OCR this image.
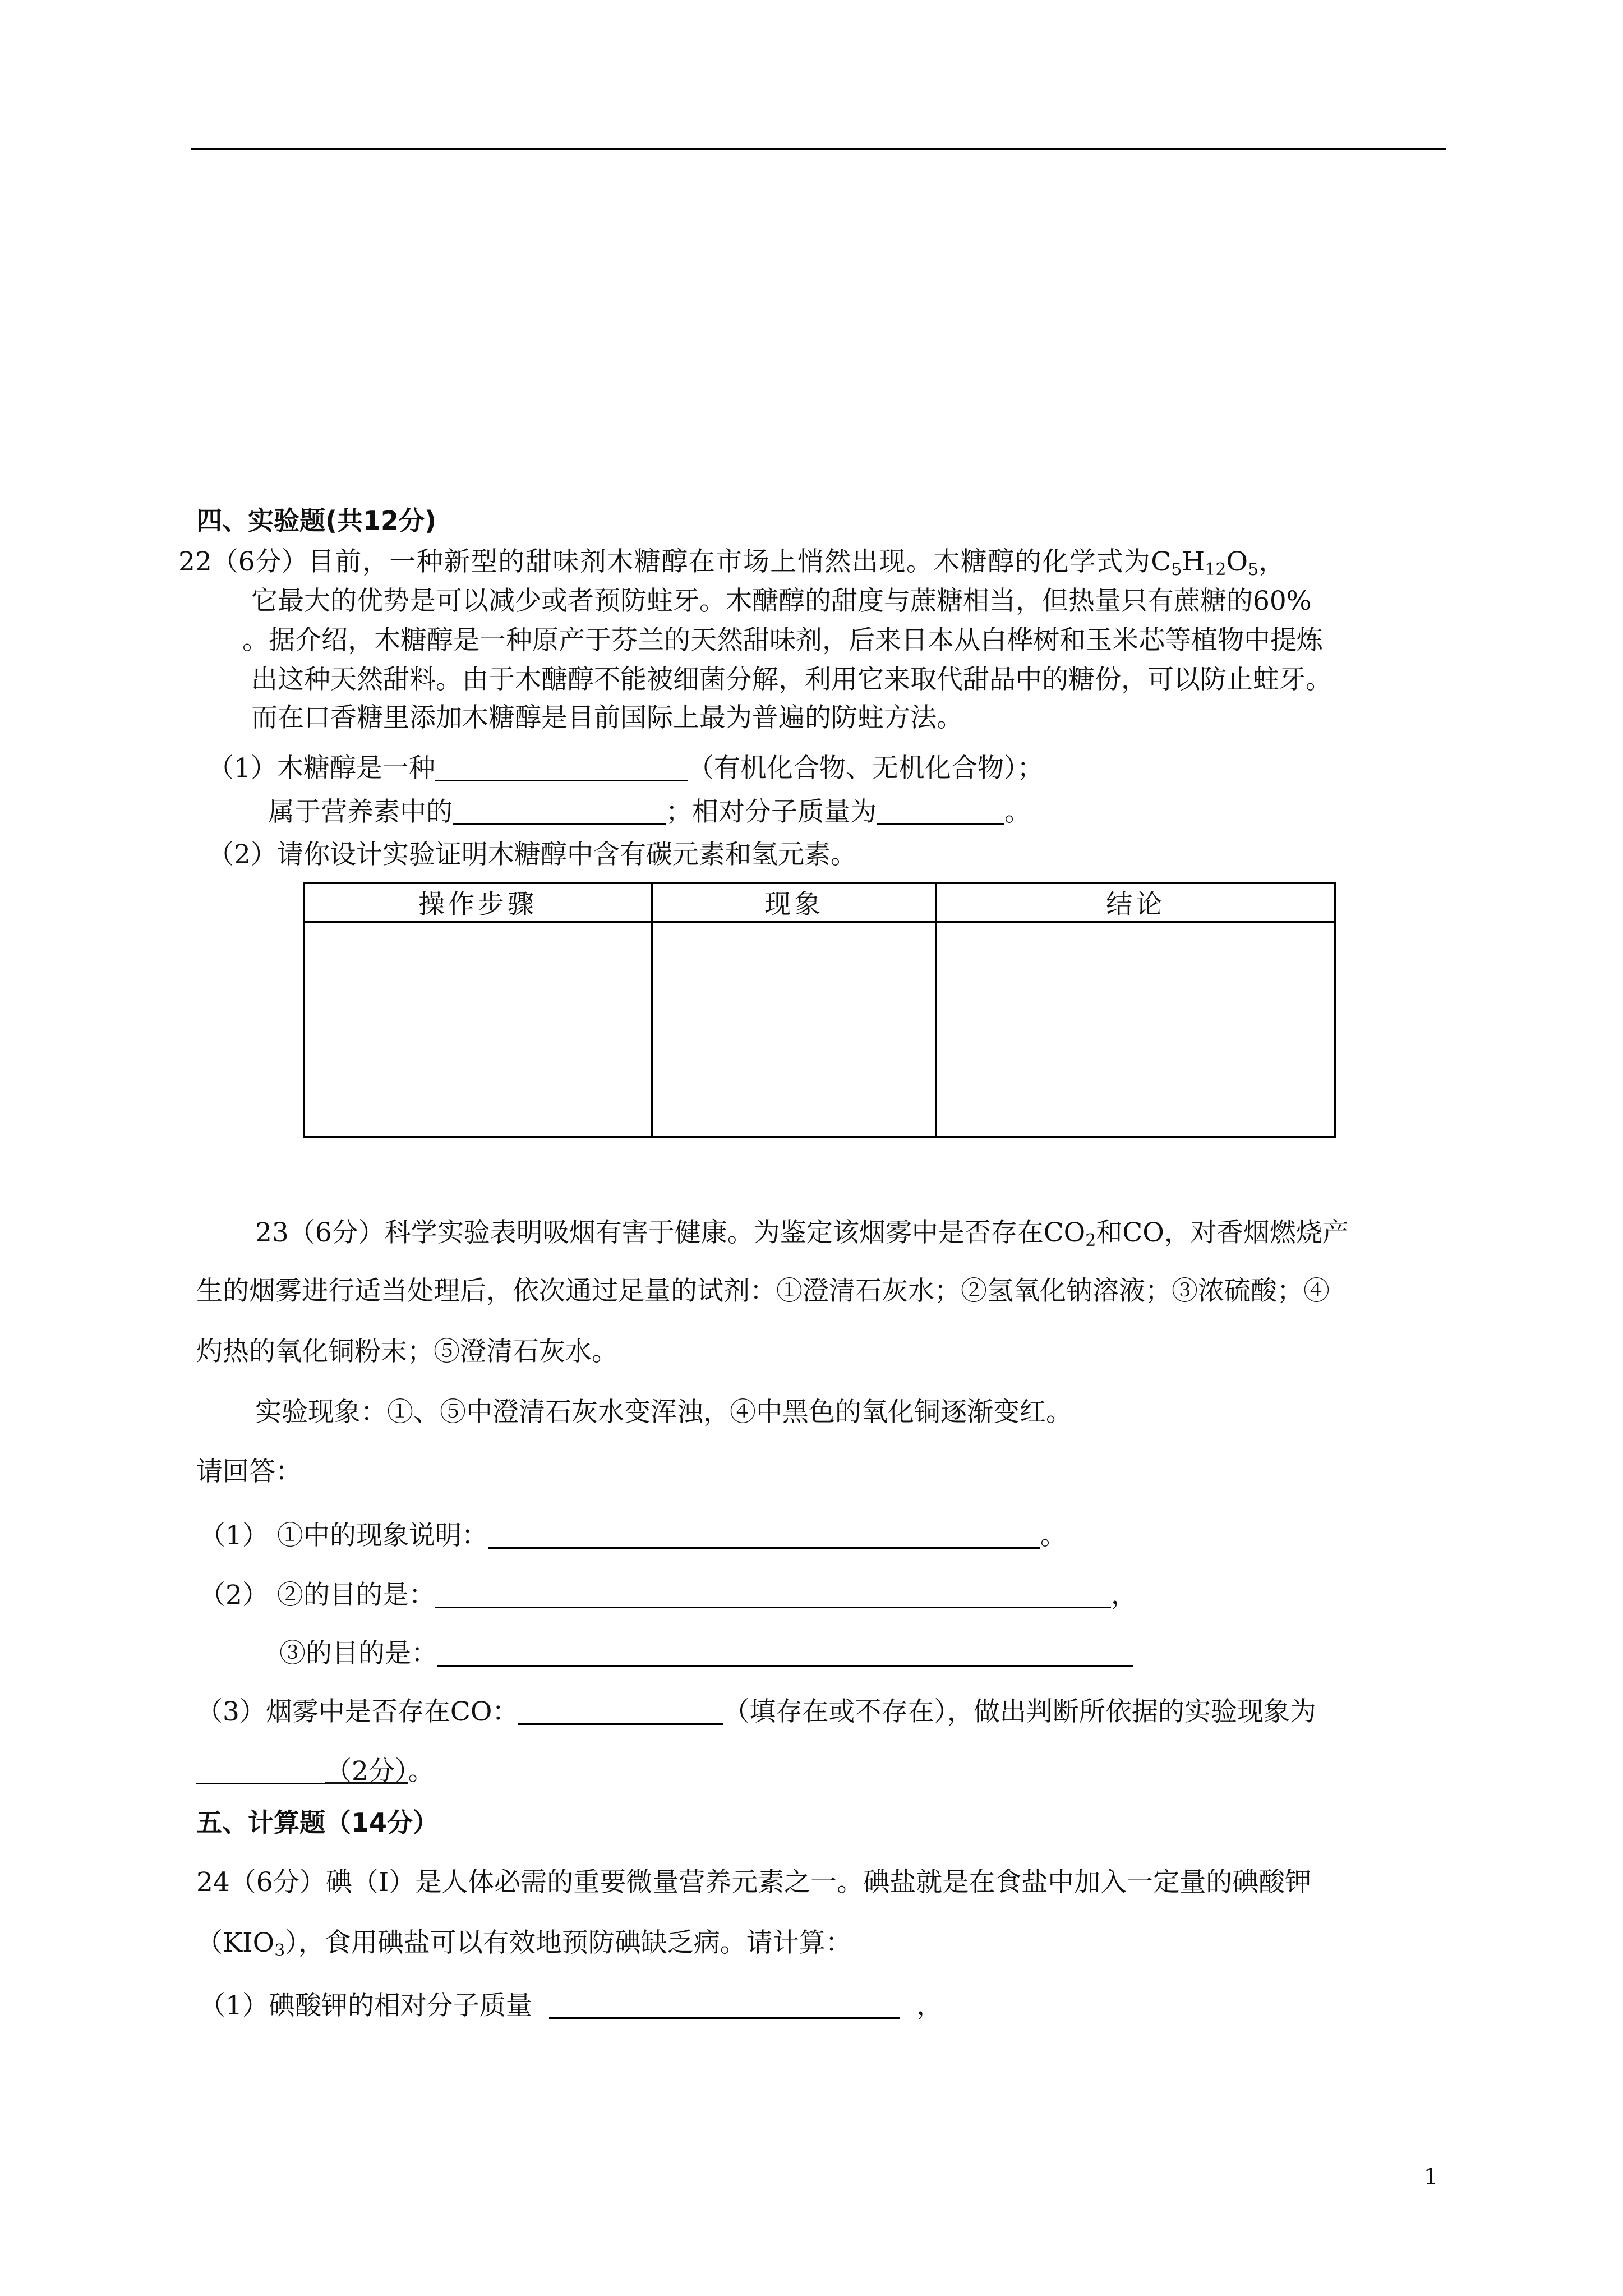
四、实验题(共12分)
22（6分）目前，一种新型的甜味剂木糖醇在市场上悄然出现。木糖醇的化学式为$C_5H_{12}O_5$，
它最大的优势是可以减少或者预防蛀牙。木醣醇的甜度与蔗糖相当，但热量只有蔗糖的60%
。据介绍，木糖醇是一种原产于芬兰的天然甜味剂，后来日本从白桦树和玉米芯等植物中提炼
出这种天然甜料。由于木醣醇不能被细菌分解，利用它来取代甜品中的糖份，可以防止蛀牙。
而在口香糖里添加木糖醇是目前国际上最为普遍的防蛀方法。
（1）木糖醇是一种	（有机化合物、无机化合物）；
属于营养素中的	；相对分子质量为	。
（2）请你设计实验证明木糖醇中含有碳元素和氢元素。
操作步骤	现象	结论

23（6分）科学实验表明吸烟有害于健康。为鉴定该烟雾中是否存在$CO_2$和CO，对香烟燃烧产
生的烟雾进行适当处理后，依次通过足量的试剂：①澄清石灰水；②氢氧化钠溶液；③浓硫酸；④
灼热的氧化铜粉末；⑤澄清石灰水。
实验现象：①、⑤中澄清石灰水变浑浊，④中黑色的氧化铜逐渐变红。
请回答：
（1） ①中的现象说明：	。
（2） ②的目的是：	，
③的目的是：
（3）烟雾中是否存在CO：	（填存在或不存在），做出判断所依据的实验现象为
（2分）。
五、计算题（14分）
24（6分）碘（I）是人体必需的重要微量营养元素之一。碘盐就是在食盐中加入一定量的碘酸钾
$(KIO_3)$，食用碘盐可以有效地预防碘缺乏病。请计算：
（1）碘酸钾的相对分子质量	，
1
